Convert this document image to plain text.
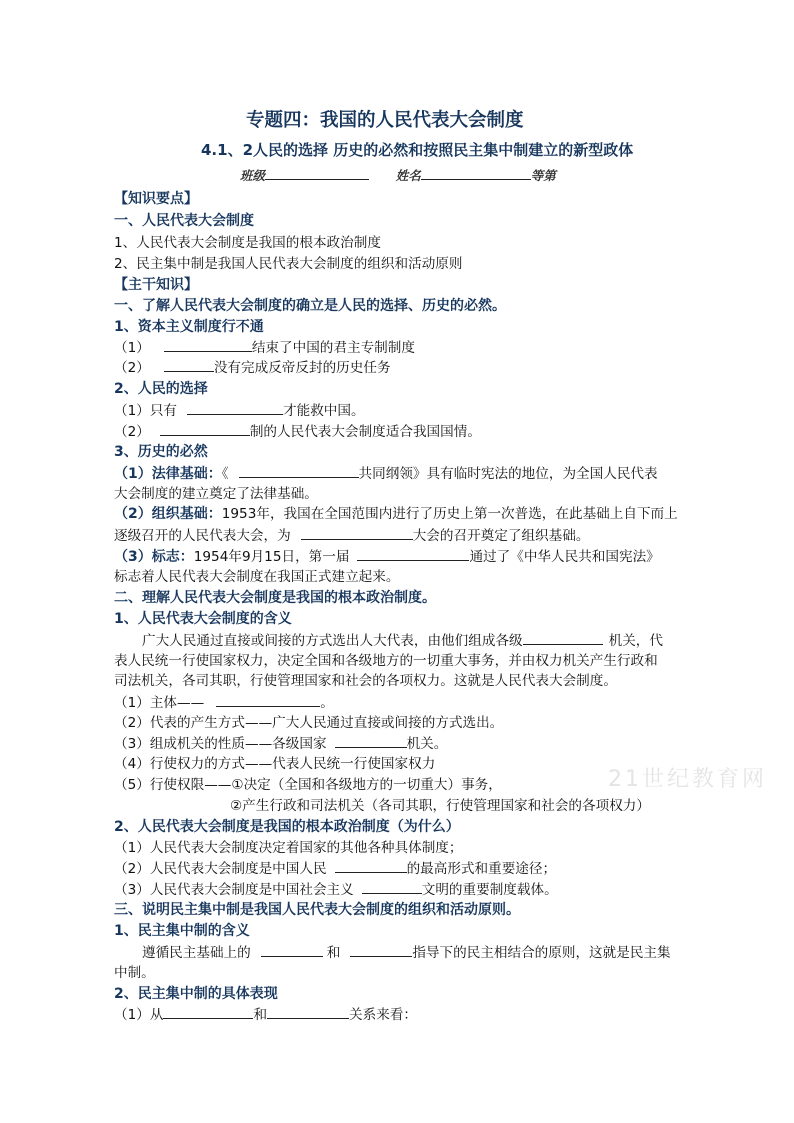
专题四：我国的人民代表大会制度
4.1、2人民的选择 历史的必然和按照民主集中制建立的新型政体
班级	姓名	等第
【知识要点】
一、人民代表大会制度
1、人民代表大会制度是我国的根本政治制度
2、民主集中制是我国人民代表大会制度的组织和活动原则
【主干知识】
一、了解人民代表大会制度的确立是人民的选择、历史的必然。
1、资本主义制度行不通
（1）	结束了中国的君主专制制度
（2）	没有完成反帝反封的历史任务
2、人民的选择
（1）只有	才能救中国。
（2）	制的人民代表大会制度适合我国国情。
3、历史的必然
（1）法律基础：《	共同纲领》具有临时宪法的地位，为全国人民代表
大会制度的建立奠定了法律基础。
（2）组织基础：1953年，我国在全国范围内进行了历史上第一次普选，在此基础上自下而上
逐级召开的人民代表大会，为	大会的召开奠定了组织基础。
（3）标志：1954年9月15日，第一届	通过了《中华人民共和国宪法》
标志着人民代表大会制度在我国正式建立起来。
二、理解人民代表大会制度是我国的根本政治制度。
1、人民代表大会制度的含义
广大人民通过直接或间接的方式选出人大代表，由他们组成各级	机关，代
表人民统一行使国家权力，决定全国和各级地方的一切重大事务，并由权力机关产生行政和
司法机关，各司其职，行使管理国家和社会的各项权力。这就是人民代表大会制度。
（1）主体——	。
（2）代表的产生方式——广大人民通过直接或间接的方式选出。
（3）组成机关的性质——各级国家	机关。
（4）行使权力的方式——代表人民统一行使国家权力
（5）行使权限——①决定（全国和各级地方的一切重大）事务，
②产生行政和司法机关（各司其职，行使管理国家和社会的各项权力）
21世纪教育网
2、人民代表大会制度是我国的根本政治制度（为什么）
（1）人民代表大会制度决定着国家的其他各种具体制度；
（2）人民代表大会制度是中国人民	的最高形式和重要途径；
（3）人民代表大会制度是中国社会主义	文明的重要制度载体。
三、说明民主集中制是我国人民代表大会制度的组织和活动原则。
1、民主集中制的含义
遵循民主基础上的	和	指导下的民主相结合的原则，这就是民主集
中制。
2、民主集中制的具体表现
（1）从	和	关系来看：
